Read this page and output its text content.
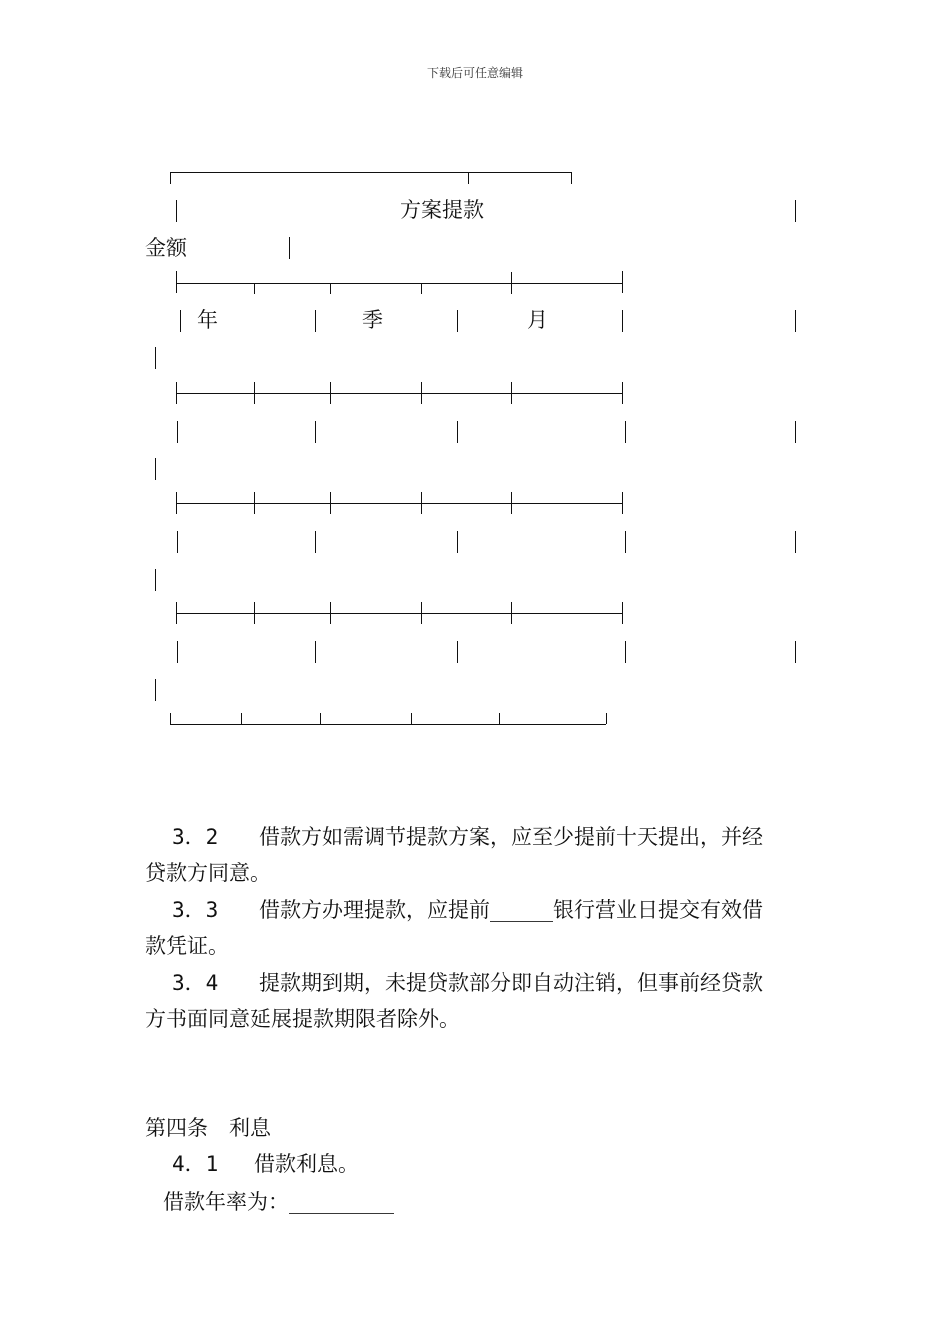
下载后可任意编辑
方案提款
金额
年	季	月
3．2 借款方如需调节提款方案，应至少提前十天提出，并经
贷款方同意。
3．3 借款方办理提款，应提前______银行营业日提交有效借
款凭证。
3．4 提款期到期，未提贷款部分即自动注销，但事前经贷款
方书面同意延展提款期限者除外。
第四条　利息
4．1 借款利息。
借款年率为：__________
